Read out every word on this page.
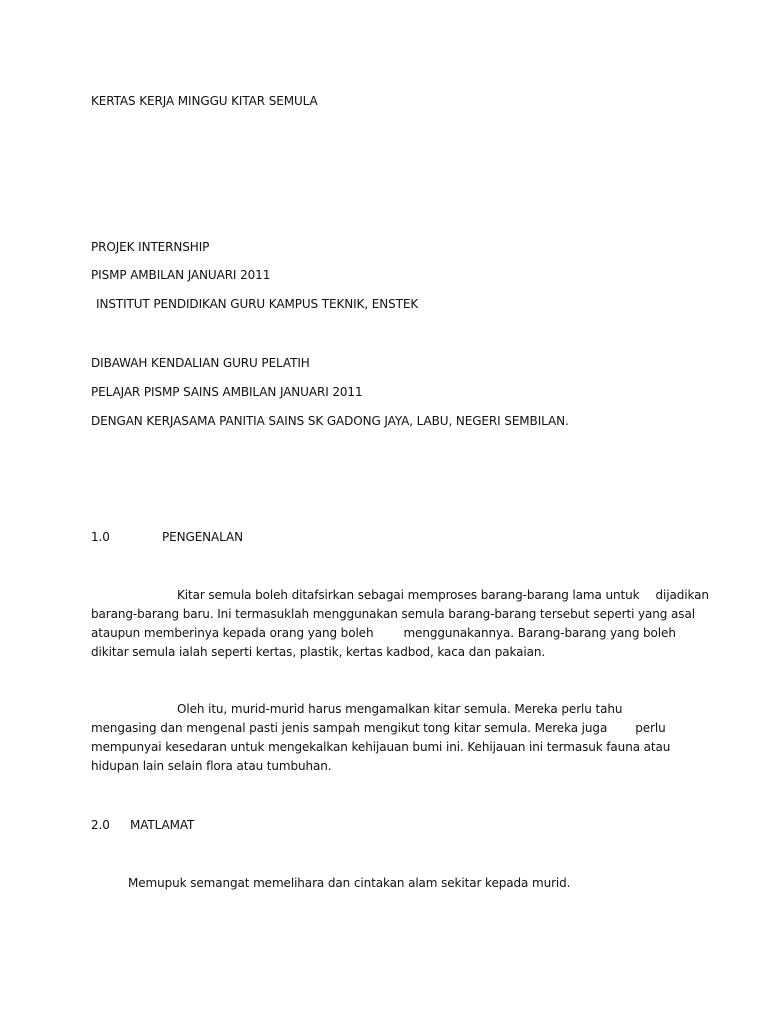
KERTAS KERJA MINGGU KITAR SEMULA
PROJEK INTERNSHIP
PISMP AMBILAN JANUARI 2011
INSTITUT PENDIDIKAN GURU KAMPUS TEKNIK, ENSTEK
DIBAWAH KENDALIAN GURU PELATIH
PELAJAR PISMP SAINS AMBILAN JANUARI 2011
DENGAN KERJASAMA PANITIA SAINS SK GADONG JAYA, LABU, NEGERI SEMBILAN.
1.0	PENGENALAN
Kitar semula boleh ditafsirkan sebagai memproses barang-barang lama untuk dijadikan
barang-barang baru. Ini termasuklah menggunakan semula barang-barang tersebut seperti yang asal
ataupun memberinya kepada orang yang boleh	menggunakannya. Barang-barang yang boleh
dikitar semula ialah seperti kertas, plastik, kertas kadbod, kaca dan pakaian.
Oleh itu, murid-murid harus mengamalkan kitar semula. Mereka perlu tahu
mengasing dan mengenal pasti jenis sampah mengikut tong kitar semula. Mereka juga perlu
mempunyai kesedaran untuk mengekalkan kehijauan bumi ini. Kehijauan ini termasuk fauna atau
hidupan lain selain flora atau tumbuhan.
2.0 MATLAMAT
Memupuk semangat memelihara dan cintakan alam sekitar kepada murid.
